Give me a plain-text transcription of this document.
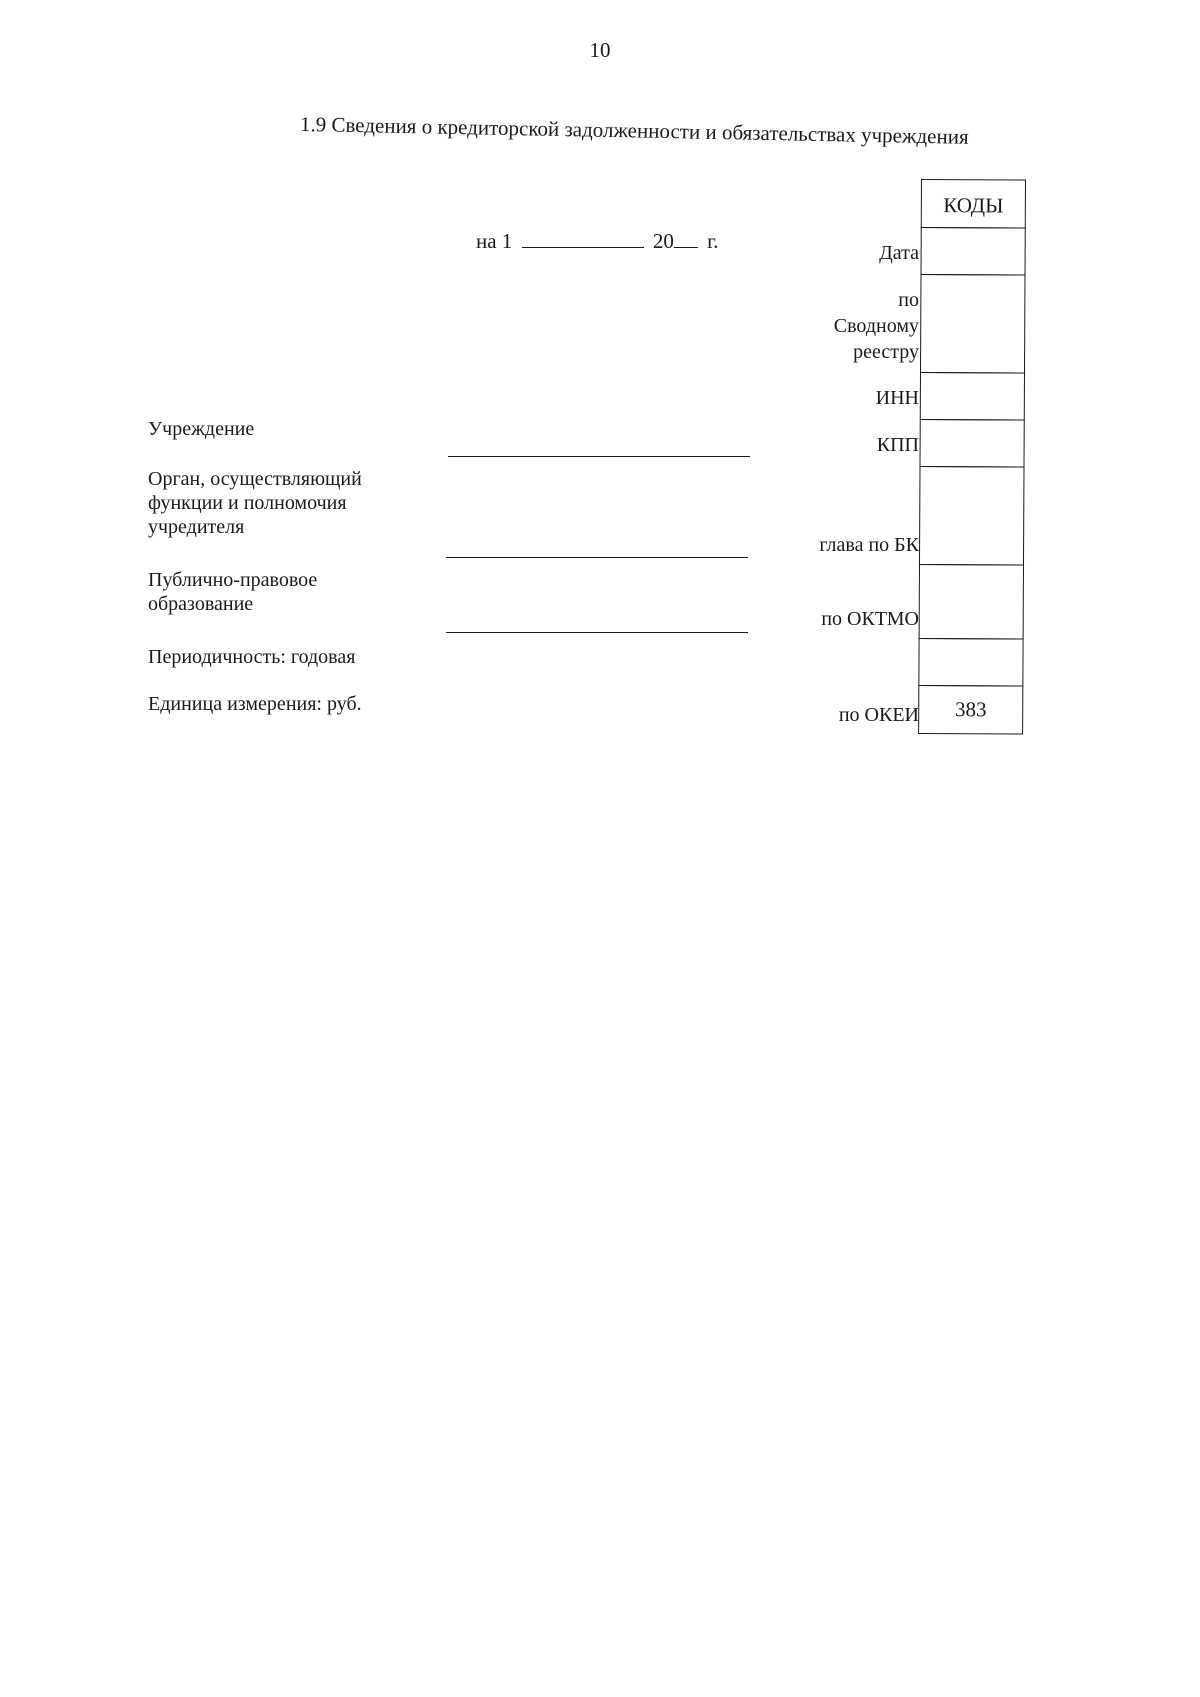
10
1.9 Сведения о кредиторской задолженности и обязательствах учреждения
на 1	20 г.
Учреждение
Орган, осуществляющий
функции и полномочия
учредителя
Публично-правовое
образование
Периодичность: годовая
Единица измерения: руб.
Дата
по
Сводному
реестру
ИНН
КПП
глава по БК
по ОКТМО
по ОКЕИ
КОДЫ
383
